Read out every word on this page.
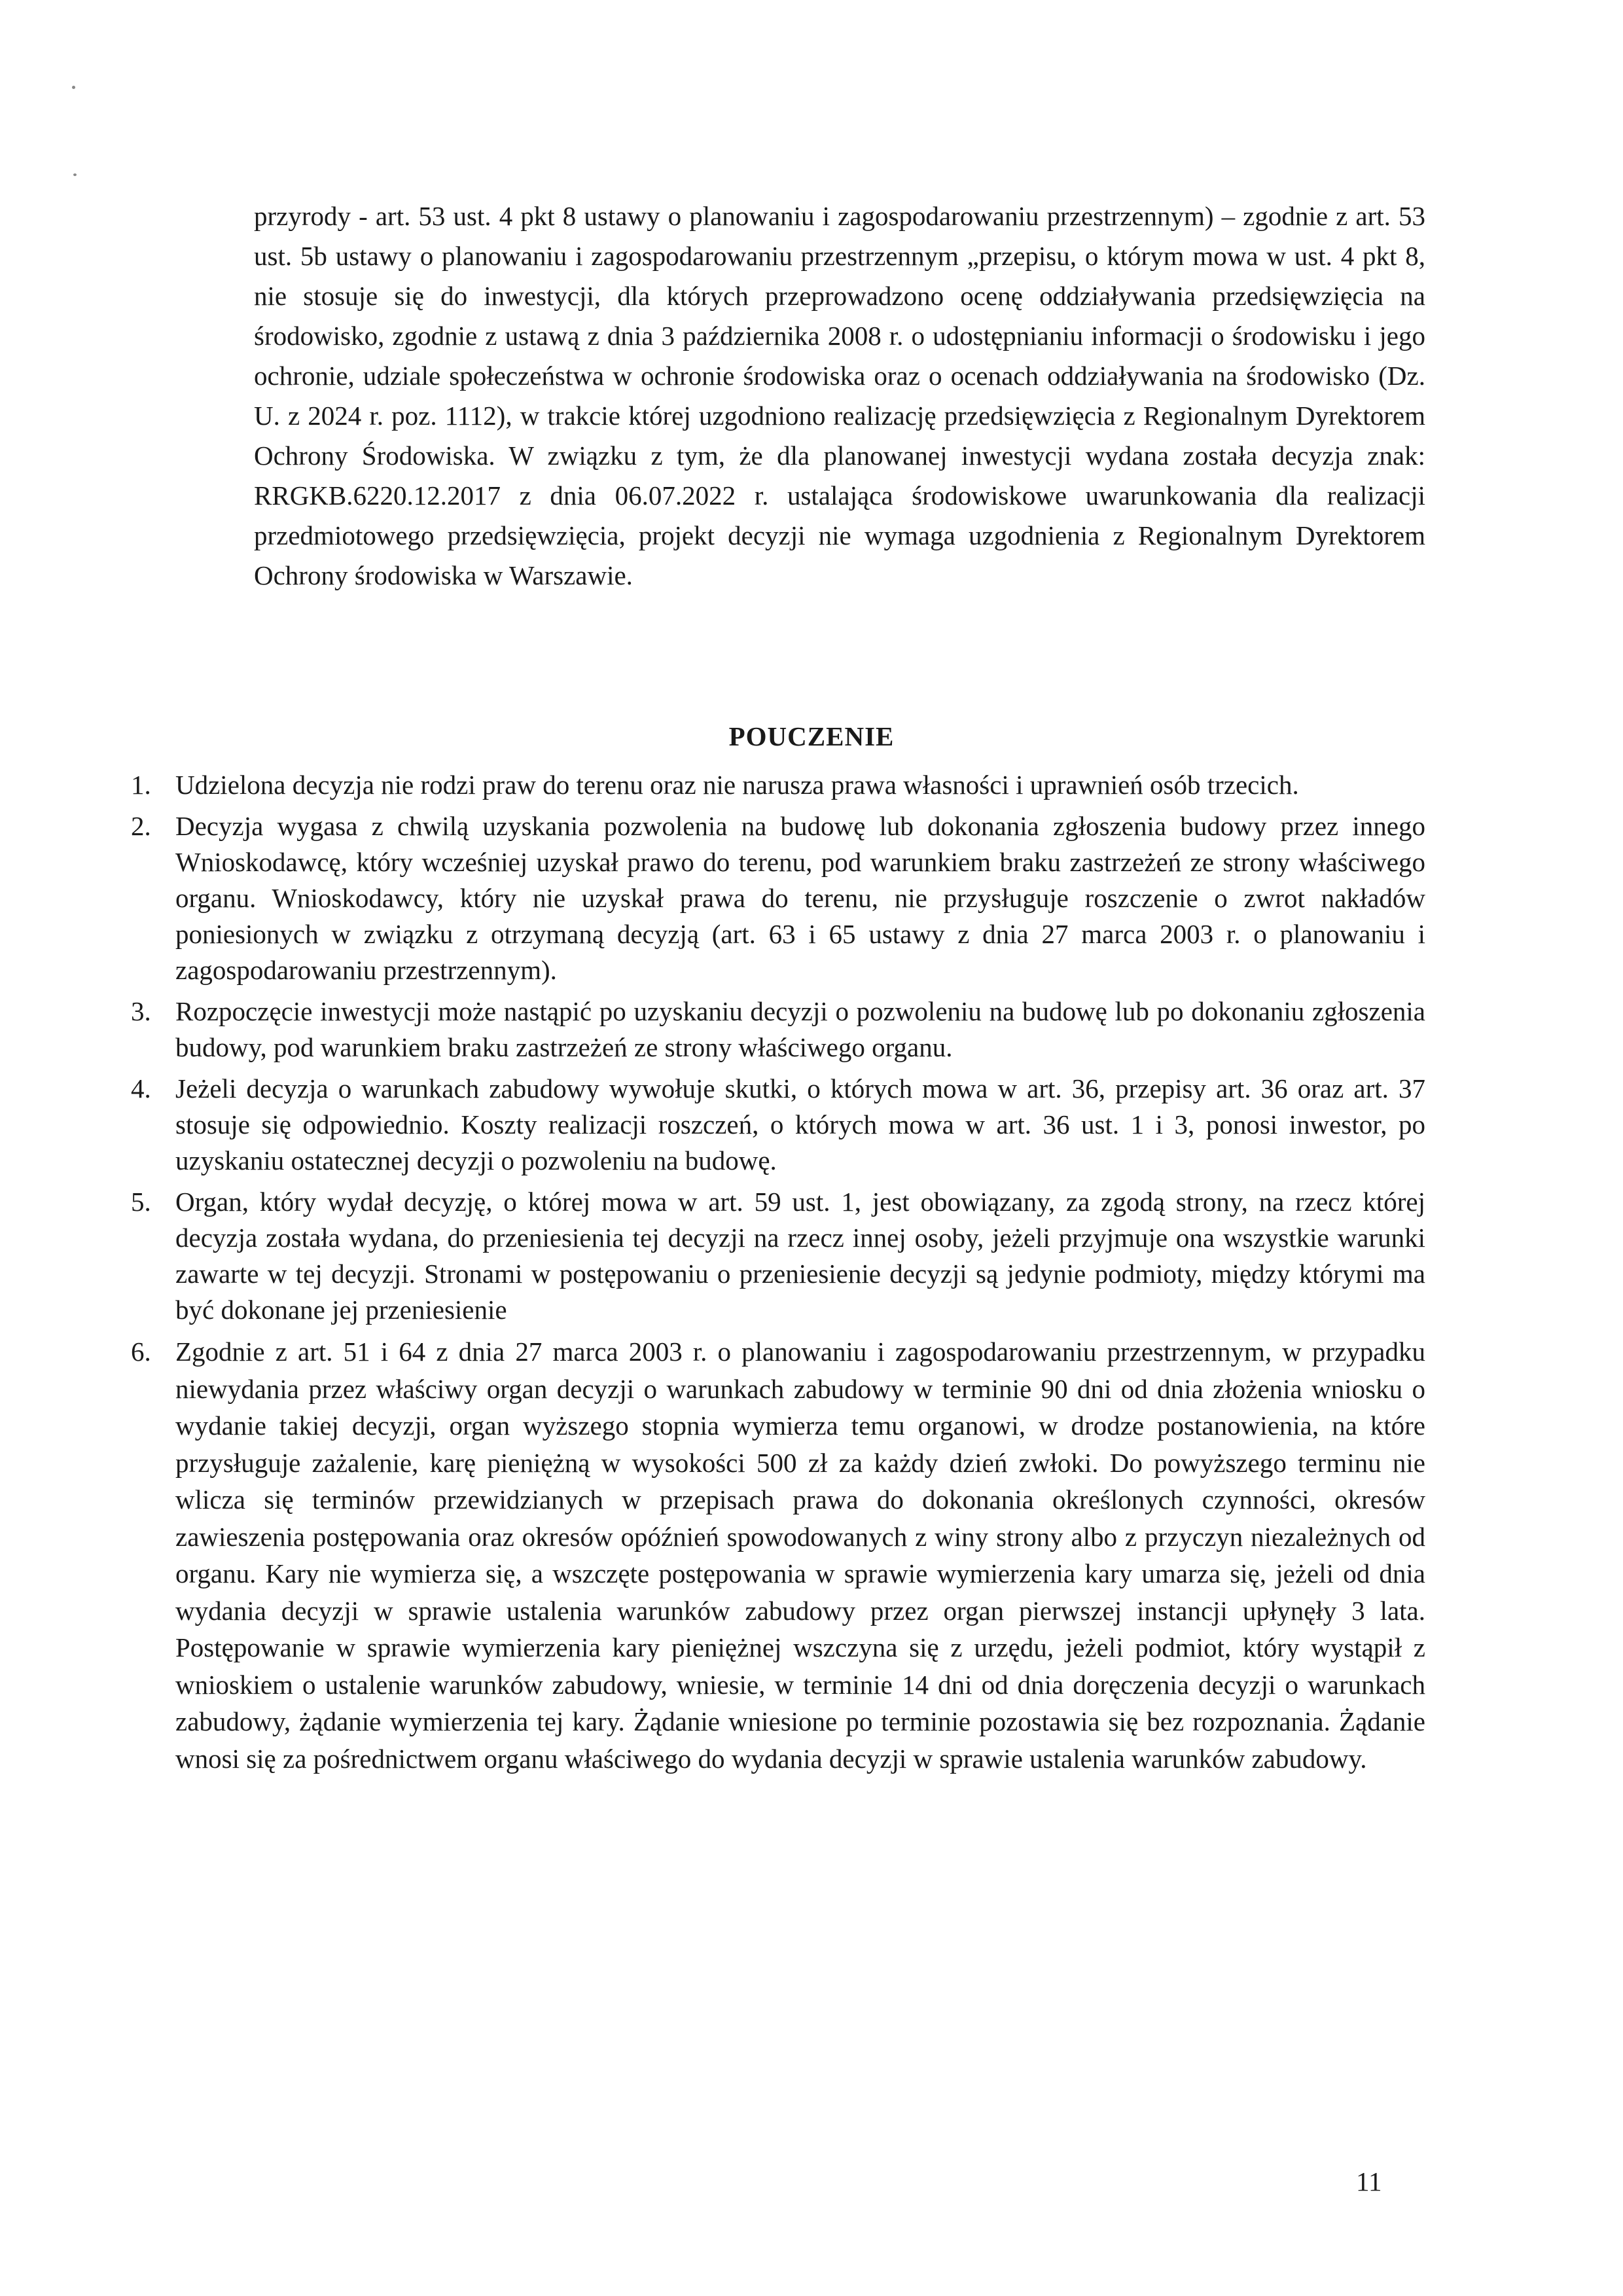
przyrody - art. 53 ust. 4 pkt 8 ustawy o planowaniu i zagospodarowaniu przestrzennym) – zgodnie z art. 53 ust. 5b ustawy o planowaniu i zagospodarowaniu przestrzennym „przepisu, o którym mowa w ust. 4 pkt 8, nie stosuje się do inwestycji, dla których przeprowadzono ocenę oddziaływania przedsięwzięcia na środowisko, zgodnie z ustawą z dnia 3 października 2008 r. o udostępnianiu informacji o środowisku i jego ochronie, udziale społeczeństwa w ochronie środowiska oraz o ocenach oddziaływania na środowisko (Dz. U. z 2024 r. poz. 1112), w trakcie której uzgodniono realizację przedsięwzięcia z Regionalnym Dyrektorem Ochrony Środowiska. W związku z tym, że dla planowanej inwestycji wydana została decyzja znak: RRGKB.6220.12.2017 z dnia 06.07.2022 r. ustalająca środowiskowe uwarunkowania dla realizacji przedmiotowego przedsięwzięcia, projekt decyzji nie wymaga uzgodnienia z Regionalnym Dyrektorem Ochrony środowiska w Warszawie.

POUCZENIE
1. Udzielona decyzja nie rodzi praw do terenu oraz nie narusza prawa własności i uprawnień osób trzecich.
2. Decyzja wygasa z chwilą uzyskania pozwolenia na budowę lub dokonania zgłoszenia budowy przez innego Wnioskodawcę, który wcześniej uzyskał prawo do terenu, pod warunkiem braku zastrzeżeń ze strony właściwego organu. Wnioskodawcy, który nie uzyskał prawa do terenu, nie przysługuje roszczenie o zwrot nakładów poniesionych w związku z otrzymaną decyzją (art. 63 i 65 ustawy z dnia 27 marca 2003 r. o planowaniu i zagospodarowaniu przestrzennym).
3. Rozpoczęcie inwestycji może nastąpić po uzyskaniu decyzji o pozwoleniu na budowę lub po dokonaniu zgłoszenia budowy, pod warunkiem braku zastrzeżeń ze strony właściwego organu.
4. Jeżeli decyzja o warunkach zabudowy wywołuje skutki, o których mowa w art. 36, przepisy art. 36 oraz art. 37 stosuje się odpowiednio. Koszty realizacji roszczeń, o których mowa w art. 36 ust. 1 i 3, ponosi inwestor, po uzyskaniu ostatecznej decyzji o pozwoleniu na budowę.
5. Organ, który wydał decyzję, o której mowa w art. 59 ust. 1, jest obowiązany, za zgodą strony, na rzecz której decyzja została wydana, do przeniesienia tej decyzji na rzecz innej osoby, jeżeli przyjmuje ona wszystkie warunki zawarte w tej decyzji. Stronami w postępowaniu o przeniesienie decyzji są jedynie podmioty, między którymi ma być dokonane jej przeniesienie
6. Zgodnie z art. 51 i 64 z dnia 27 marca 2003 r. o planowaniu i zagospodarowaniu przestrzennym, w przypadku niewydania przez właściwy organ decyzji o warunkach zabudowy w terminie 90 dni od dnia złożenia wniosku o wydanie takiej decyzji, organ wyższego stopnia wymierza temu organowi, w drodze postanowienia, na które przysługuje zażalenie, karę pieniężną w wysokości 500 zł za każdy dzień zwłoki. Do powyższego terminu nie wlicza się terminów przewidzianych w przepisach prawa do dokonania określonych czynności, okresów zawieszenia postępowania oraz okresów opóźnień spowodowanych z winy strony albo z przyczyn niezależnych od organu. Kary nie wymierza się, a wszczęte postępowania w sprawie wymierzenia kary umarza się, jeżeli od dnia wydania decyzji w sprawie ustalenia warunków zabudowy przez organ pierwszej instancji upłynęły 3 lata. Postępowanie w sprawie wymierzenia kary pieniężnej wszczyna się z urzędu, jeżeli podmiot, który wystąpił z wnioskiem o ustalenie warunków zabudowy, wniesie, w terminie 14 dni od dnia doręczenia decyzji o warunkach zabudowy, żądanie wymierzenia tej kary. Żądanie wniesione po terminie pozostawia się bez rozpoznania. Żądanie wnosi się za pośrednictwem organu właściwego do wydania decyzji w sprawie ustalenia warunków zabudowy.
11
